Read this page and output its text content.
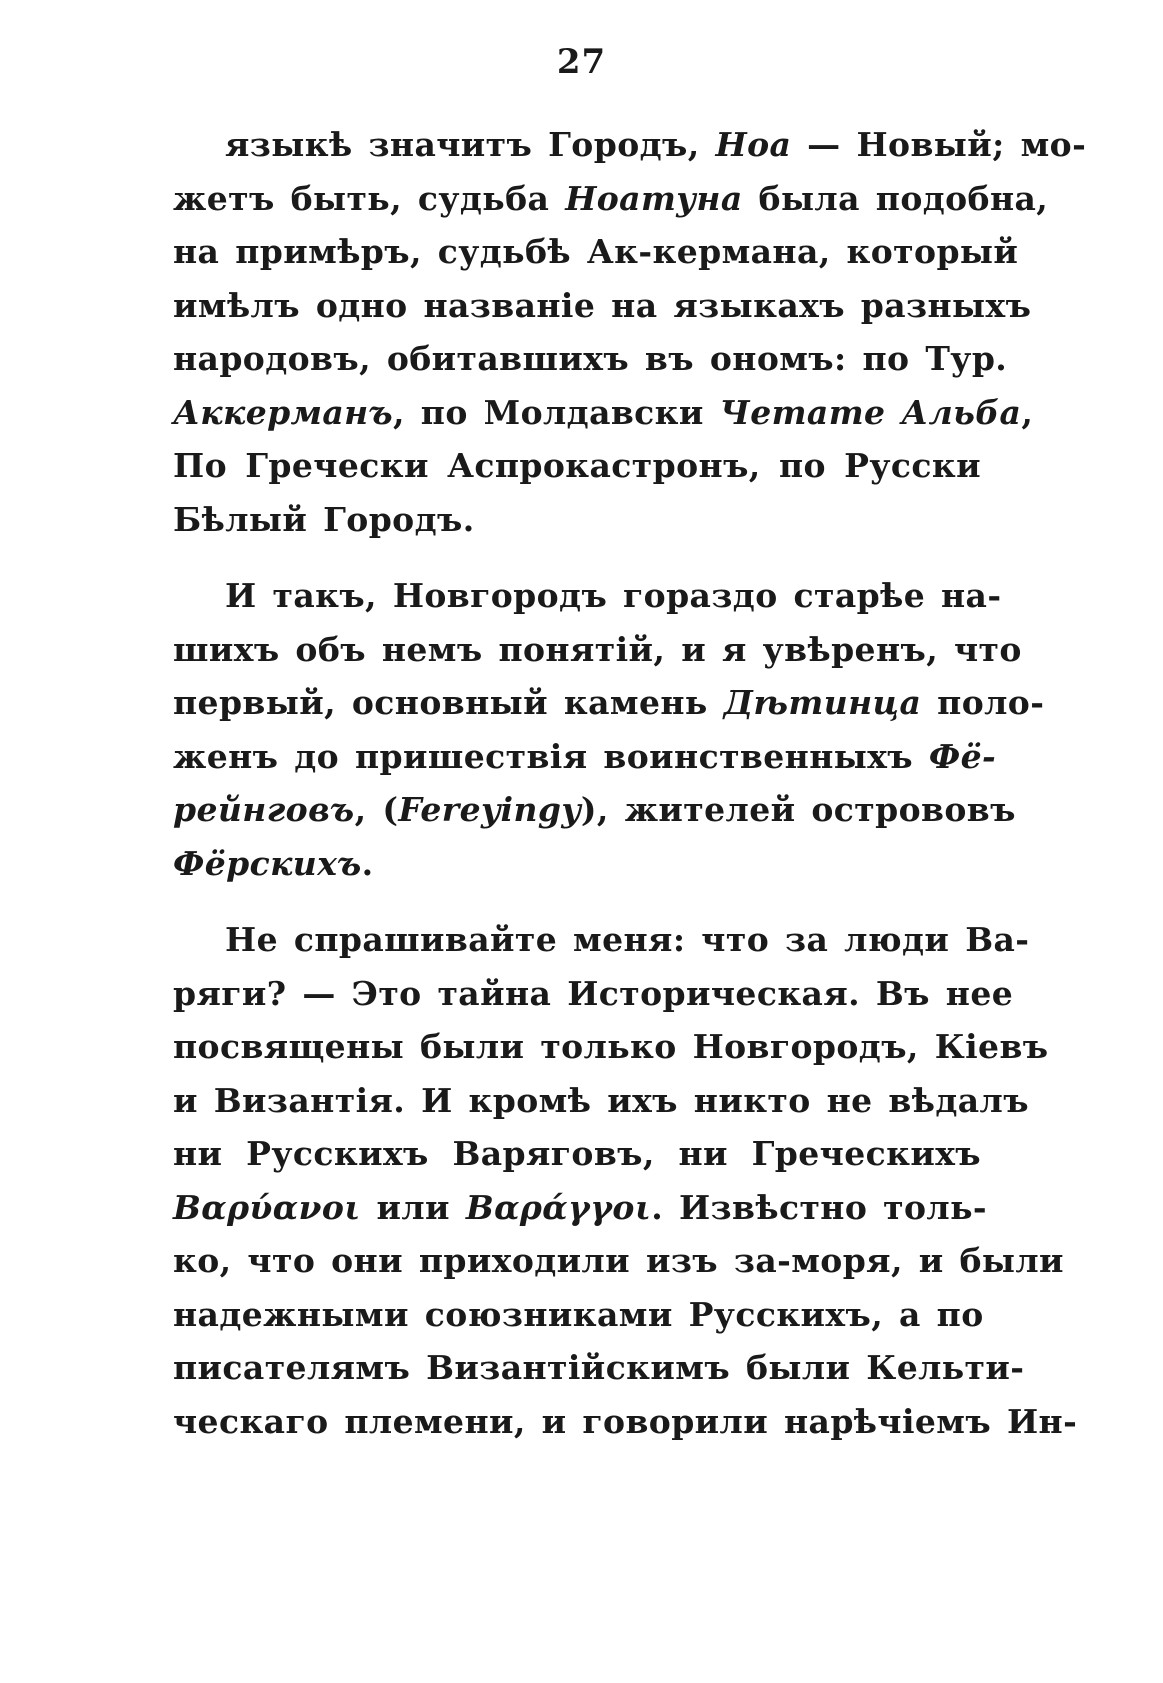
27
языкѣ значитъ Городъ, Ноа — Новый; мо-
жетъ быть, судьба Ноатуна была подобна,
на примѣръ, судьбѣ Ак-кермана, который
имѣлъ одно названіе на языкахъ разныхъ
народовъ, обитавшихъ въ ономъ: по Тур.
Аккерманъ, по Молдавски Четате Альба,
По Гречески Аспрокастронъ, по Русски
Бѣлый Городъ.
И такъ, Новгородъ гораздо старѣе на-
шихъ объ немъ понятій, и я увѣренъ, что
первый, основный камень Дѣтинца поло-
женъ до пришествія воинственныхъ Фё-
рейнговъ, (Fereyingy), жителей острововъ
Фёрскихъ.
Не спрашивайте меня: что за люди Ва-
ряги? — Это тайна Историческая. Въ нее
посвящены были только Новгородъ, Кіевъ
и Византія. И кромѣ ихъ никто не вѣдалъ
ни Русскихъ Варяговъ, ни Греческихъ
Βαρύανοι или Βαράγγοι. Извѣстно толь-
ко, что они приходили изъ за-моря, и были
надежными союзниками Русскихъ, а по
писателямъ Византійскимъ были Кельти-
ческаго племени, и говорили нарѣчіемъ Ин-
